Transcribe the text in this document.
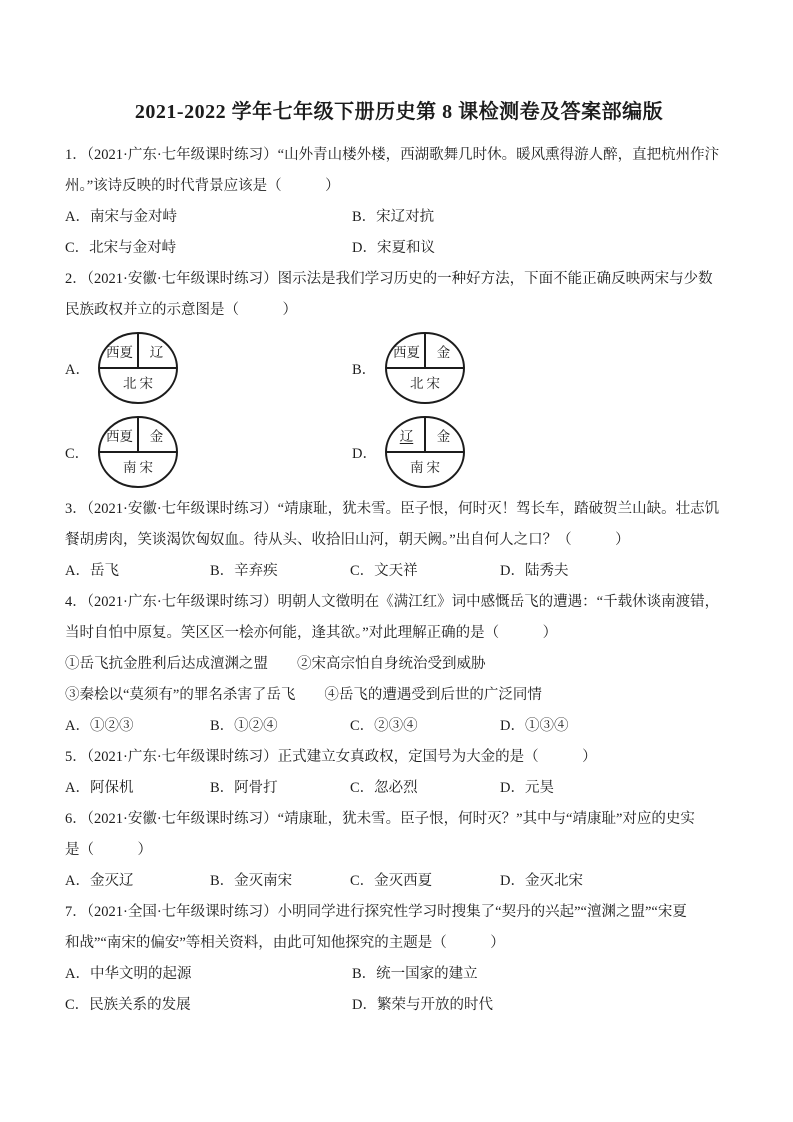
2021-2022 学年七年级下册历史第 8 课检测卷及答案部编版

1．（2021·广东·七年级课时练习）“山外青山楼外楼，西湖歌舞几时休。暖风熏得游人醉，直把杭州作汴

州。”该诗反映的时代背景应该是（　　　）

A．南宋与金对峙	B．宋辽对抗
C．北宋与金对峙	D．宋夏和议

2．（2021·安徽·七年级课时练习）图示法是我们学习历史的一种好方法，下面不能正确反映两宋与少数

民族政权并立的示意图是（　　　）

A．
西夏	辽
北宋
B．
西夏	金
北宋
C．
西夏	金
南宋
D．
辽	金
南宋

3．（2021·安徽·七年级课时练习）“靖康耻，犹未雪。臣子恨，何时灭！驾长车，踏破贺兰山缺。壮志饥

餐胡虏肉，笑谈渴饮匈奴血。待从头、收拾旧山河，朝天阙。”出自何人之口？（　　　）

A．岳飞	B．辛弃疾	C．文天祥	D．陆秀夫

4．（2021·广东·七年级课时练习）明朝人文徵明在《满江红》词中感慨岳飞的遭遇：“千载休谈南渡错，

当时自怕中原复。笑区区一桧亦何能，逢其欲。”对此理解正确的是（　　　）

①岳飞抗金胜利后达成澶渊之盟　　②宋高宗怕自身统治受到威胁

③秦桧以“莫须有”的罪名杀害了岳飞　　④岳飞的遭遇受到后世的广泛同情

A．①②③	B．①②④	C．②③④	D．①③④

5．（2021·广东·七年级课时练习）正式建立女真政权，定国号为大金的是（　　　）

A．阿保机	B．阿骨打	C．忽必烈	D．元昊

6．（2021·安徽·七年级课时练习）“靖康耻，犹未雪。臣子恨，何时灭？”其中与“靖康耻”对应的史实

是（　　　）

A．金灭辽	B．金灭南宋	C．金灭西夏	D．金灭北宋

7．（2021·全国·七年级课时练习）小明同学进行探究性学习时搜集了“契丹的兴起”“澶渊之盟”“宋夏

和战”“南宋的偏安”等相关资料，由此可知他探究的主题是（　　　）

A．中华文明的起源	B．统一国家的建立
C．民族关系的发展	D．繁荣与开放的时代
